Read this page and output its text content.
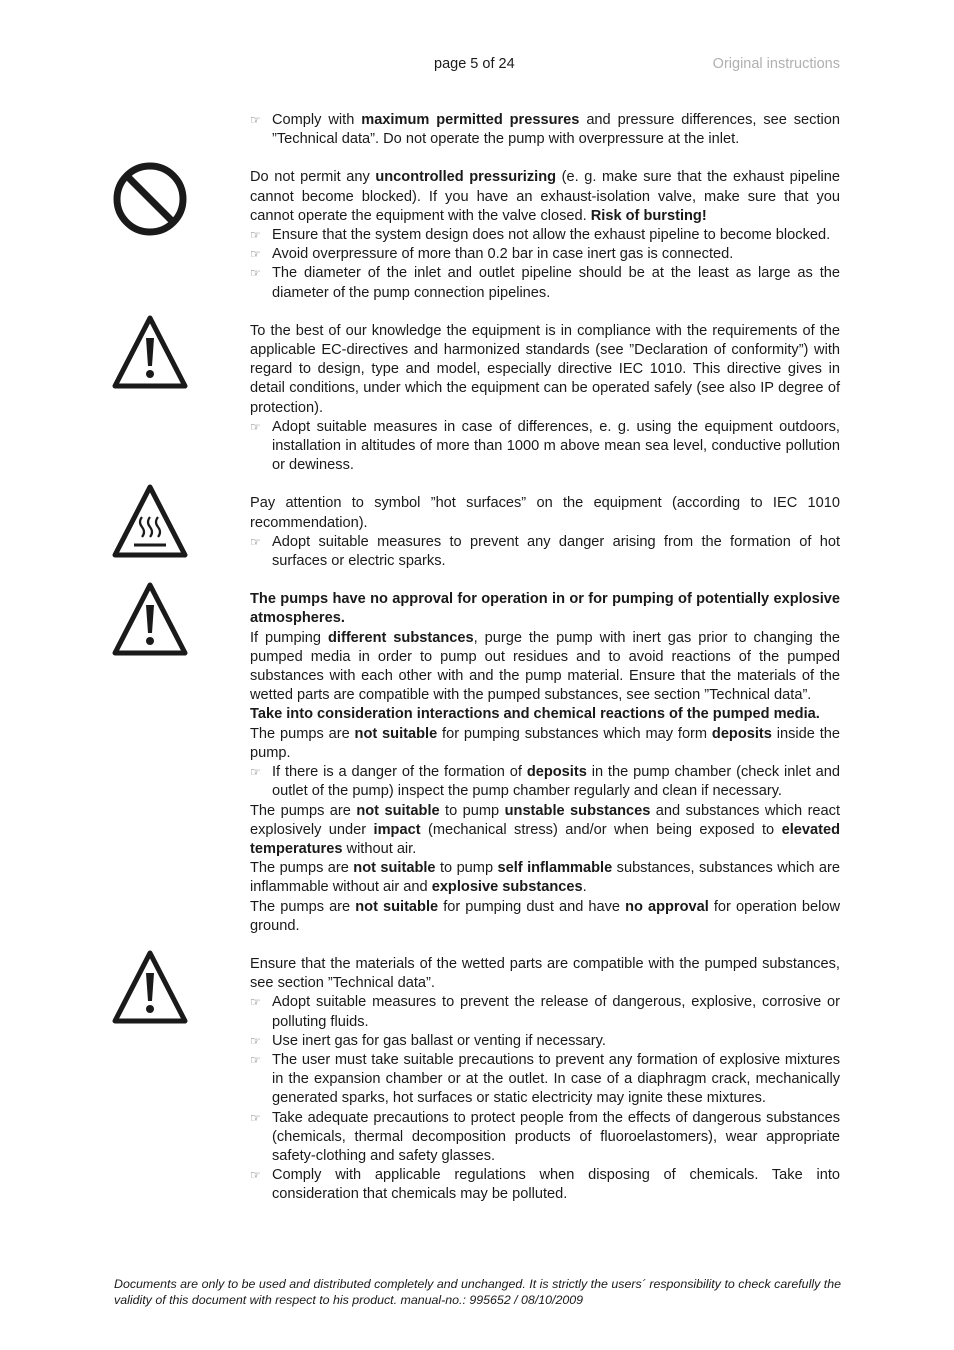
page 5 of 24	Original instructions
☞ Comply with maximum permitted pressures and pressure differences, see section ”Technical data”. Do not operate the pump with overpressure at the inlet.

Do not permit any uncontrolled pressurizing (e. g. make sure that the exhaust pipeline cannot become blocked). If you have an exhaust-isolation valve, make sure that you cannot operate the equipment with the valve closed. Risk of bursting!

☞ Ensure that the system design does not allow the exhaust pipeline to become blocked.
☞ Avoid overpressure of more than 0.2 bar in case inert gas is connected.
☞ The diameter of the inlet and outlet pipeline should be at the least as large as the diameter of the pump connection pipelines.

To the best of our knowledge the equipment is in compliance with the requirements of the applicable EC-directives and harmonized standards (see ”Declaration of conformity”) with regard to design, type and model, especially directive IEC 1010. This directive gives in detail conditions, under which the equipment can be operated safely (see also IP degree of protection).

☞ Adopt suitable measures in case of differences, e. g. using the equipment outdoors, installation in altitudes of more than 1000 m above mean sea level, conductive pollution or dewiness.

Pay attention to symbol ”hot surfaces” on the equipment (according to IEC 1010 recommendation).

☞ Adopt suitable measures to prevent any danger arising from the formation of hot surfaces or electric sparks.

The pumps have no approval for operation in or for pumping of potentially explosive atmospheres.

If pumping different substances, purge the pump with inert gas prior to changing the pumped media in order to pump out residues and to avoid reactions of the pumped substances with each other with and the pump material. Ensure that the materials of the wetted parts are compatible with the pumped substances, see section ”Technical data”.

Take into consideration interactions and chemical reactions of the pumped media.

The pumps are not suitable for pumping substances which may form deposits inside the pump.

☞ If there is a danger of the formation of deposits in the pump chamber (check inlet and outlet of the pump) inspect the pump chamber regularly and clean if necessary.

The pumps are not suitable to pump unstable substances and substances which react explosively under impact (mechanical stress) and/or when being exposed to elevated temperatures without air.

The pumps are not suitable to pump self inflammable substances, substances which are inflammable without air and explosive substances.

The pumps are not suitable for pumping dust and have no approval for operation below ground.

Ensure that the materials of the wetted parts are compatible with the pumped substances, see section ”Technical data”.

☞ Adopt suitable measures to prevent the release of dangerous, explosive, corrosive or polluting fluids.
☞ Use inert gas for gas ballast or venting if necessary.
☞ The user must take suitable precautions to prevent any formation of explosive mixtures in the expansion chamber or at the outlet. In case of a diaphragm crack, mechanically generated sparks, hot surfaces or static electricity may ignite these mixtures.
☞ Take adequate precautions to protect people from the effects of dangerous substances (chemicals, thermal decomposition products of fluoroelastomers), wear appropriate safety-clothing and safety glasses.
☞ Comply with applicable regulations when disposing of chemicals. Take into consideration that chemicals may be polluted.
Documents are only to be used and distributed completely and unchanged. It is strictly the users´ responsibility to check carefully the validity of this document with respect to his product. manual-no.: 995652 / 08/10/2009
